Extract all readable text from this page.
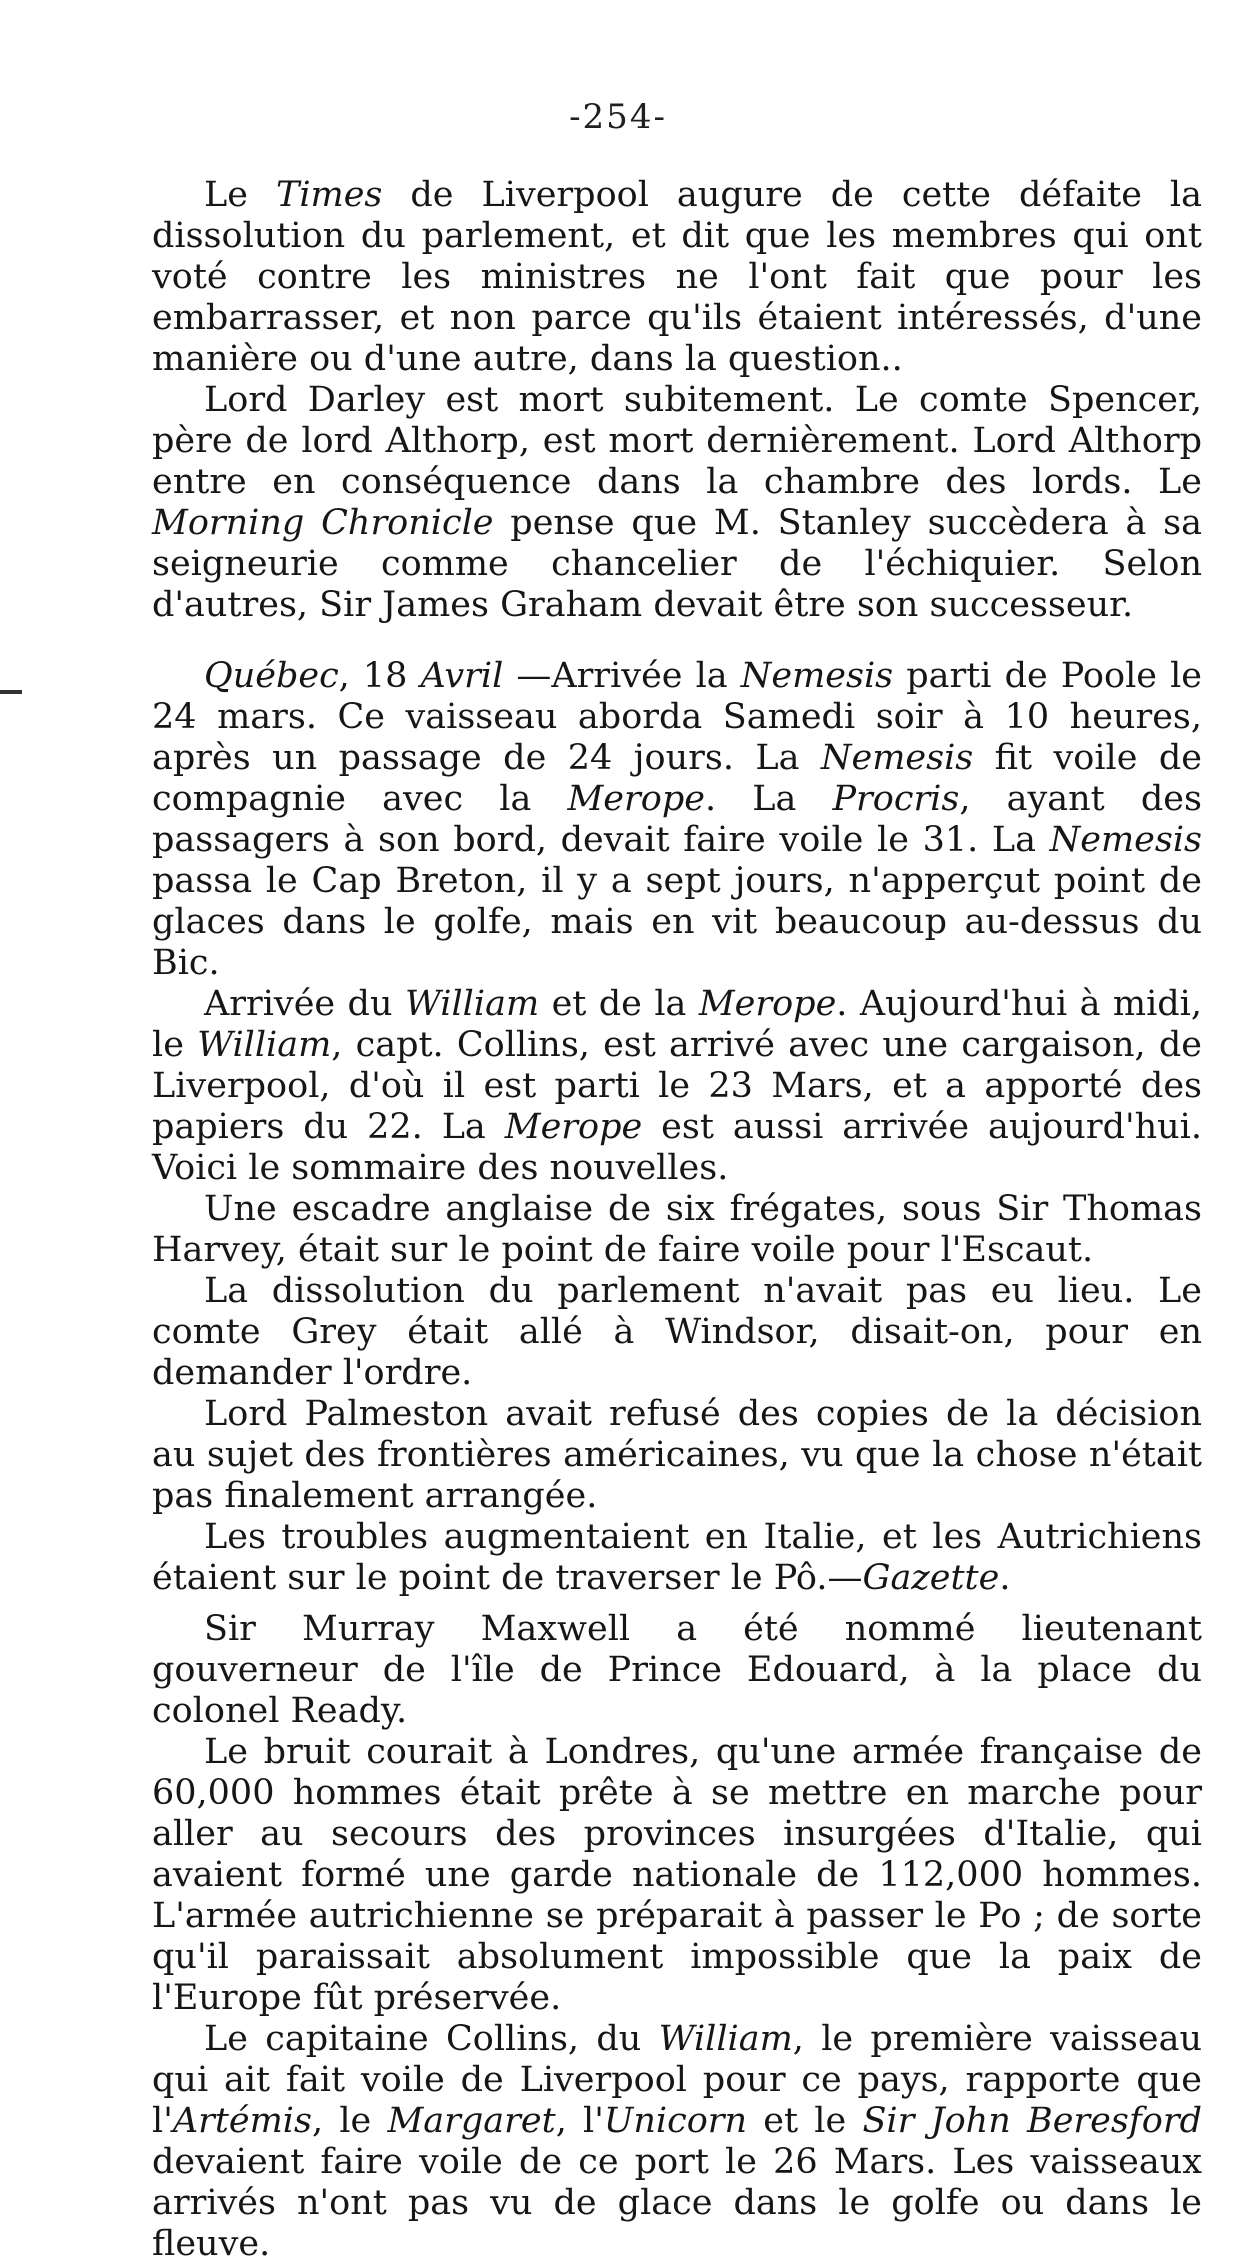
-254-

Le Times de Liverpool augure de cette défaite la dissolution du parlement, et dit que les membres qui ont voté contre les ministres ne l'ont fait que pour les embarrasser, et non parce qu'ils étaient intéressés, d'une manière ou d'une autre, dans la question..

Lord Darley est mort subitement. Le comte Spencer, père de lord Althorp, est mort dernièrement. Lord Althorp entre en conséquence dans la chambre des lords. Le Morning Chronicle pense que M. Stanley succèdera à sa seigneurie comme chancelier de l'échiquier. Selon d'autres, Sir James Graham devait être son successeur.

Québec, 18 Avril —Arrivée la Nemesis parti de Poole le 24 mars. Ce vaisseau aborda Samedi soir à 10 heures, après un passage de 24 jours. La Nemesis fit voile de compagnie avec la Merope. La Procris, ayant des passagers à son bord, devait faire voile le 31. La Nemesis passa le Cap Breton, il y a sept jours, n'apperçut point de glaces dans le golfe, mais en vit beaucoup au-dessus du Bic.

Arrivée du William et de la Merope. Aujourd'hui à midi, le William, capt. Collins, est arrivé avec une cargaison, de Liverpool, d'où il est parti le 23 Mars, et a apporté des papiers du 22. La Merope est aussi arrivée aujourd'hui. Voici le sommaire des nouvelles.

Une escadre anglaise de six frégates, sous Sir Thomas Harvey, était sur le point de faire voile pour l'Escaut.

La dissolution du parlement n'avait pas eu lieu. Le comte Grey était allé à Windsor, disait-on, pour en demander l'ordre.

Lord Palmeston avait refusé des copies de la décision au sujet des frontières américaines, vu que la chose n'était pas finalement arrangée.

Les troubles augmentaient en Italie, et les Autrichiens étaient sur le point de traverser le Pô.—Gazette.

Sir Murray Maxwell a été nommé lieutenant gouverneur de l'île de Prince Edouard, à la place du colonel Ready.

Le bruit courait à Londres, qu'une armée française de 60,000 hommes était prête à se mettre en marche pour aller au secours des provinces insurgées d'Italie, qui avaient formé une garde nationale de 112,000 hommes. L'armée autrichienne se préparait à passer le Po ; de sorte qu'il paraissait absolument impossible que la paix de l'Europe fût préservée.

Le capitaine Collins, du William, le première vaisseau qui ait fait voile de Liverpool pour ce pays, rapporte que l'Artémis, le Margaret, l'Unicorn et le Sir John Beresford devaient faire voile de ce port le 26 Mars. Les vaisseaux arrivés n'ont pas vu de glace dans le golfe ou dans le fleuve.
